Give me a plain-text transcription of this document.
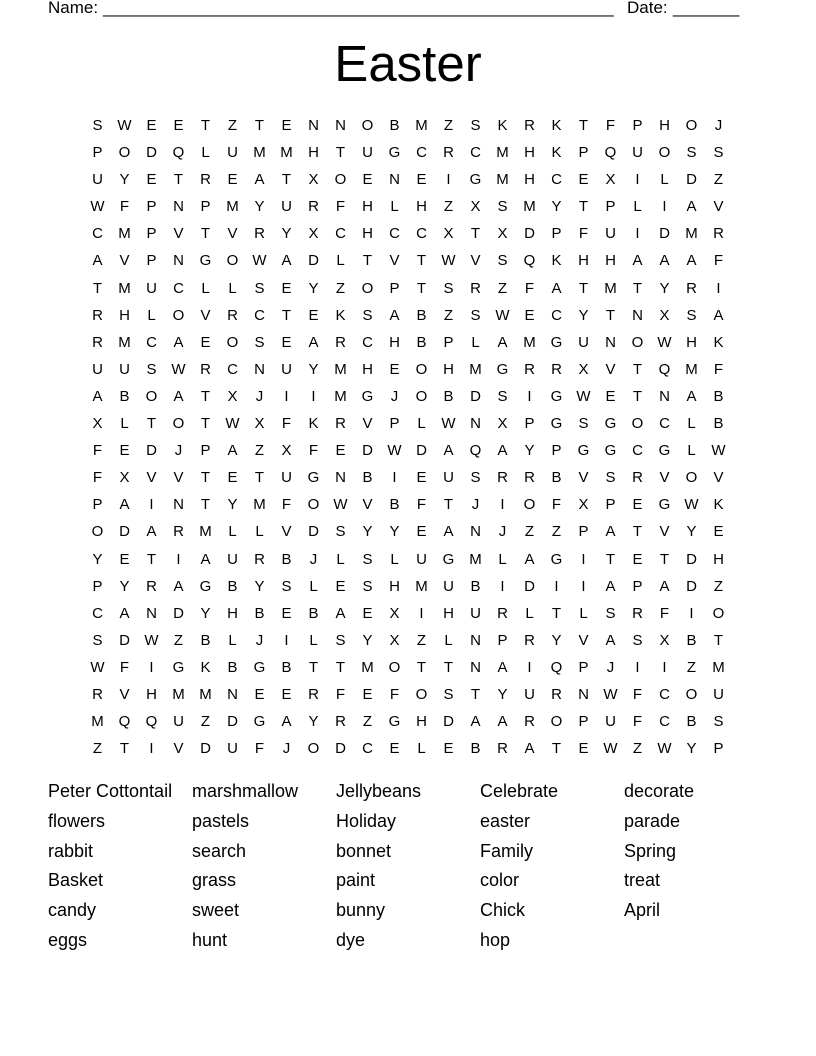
Name: ______________________________________________________ Date: _______
Easter
S W E	E	T	Z	T	E	N	N	O	B	M	Z	S	K	R	K	T	F	P	H	O	J
P	O	D	Q	L	U	M M	H	T	U	G	C	R	C	M	H	K	P	Q	U	O	S	S
U	Y	E	T	R	E	A	T	X	O	E	N	E	I	G M	H	C	E	X	I	L	D	Z
W	F	P	N	P	M	Y	U	R	F	H	L	H	Z	X	S	M	Y	T	P	L	I	A	V
C	M	P	V	T	V	R	Y	X	C	H	C	C	X	T	X	D	P	F	U	I	D	M	R
A	V	P	N	G	O W A	D	L	T	V	T	W V	S	Q	K	H	H	A	A	A	F
T	M	U	C	L	L	S	E	Y	Z	O	P	T	S	R	Z	F	A	T	M	T	Y	R	I
R	H	L	O	V	R	C	T	E	K	S	A	B	Z	S W E	C	Y	T	N	X	S	A
R	M	C	A	E	O	S	E	A	R	C	H	B	P	L	A	M G	U	N	O W H	K
U	U	S W R	C	N	U	Y	M	H	E	O	H	M G	R	R	X	V	T	Q M	F
A	B	O	A	T	X	J	I	I	M G	J	O	B	D	S	I	G W E	T	N	A	B
X	L	T	O	T	W X	F	K	R	V	P	L	W N	X	P	G	S	G	O	C	L	B
F	E	D	J	P	A	Z	X	F	E	D W D	A	Q	A	Y	P	G	G	C	G	L	W
F	X	V	V	T	E	T	U	G	N	B	I	E	U	S	R	R	B	V	S	R	V	O	V
P	A	I	N	T	Y	M	F	O W V	B	F	T	J	I	O	F	X	P	E	G W K
O	D	A	R	M	L	L	V	D	S	Y	Y	E	A	N	J	Z	Z	P	A	T	V	Y	E
Y	E	T	I	A	U	R	B	J	L	S	L	U	G M	L	A	G	I	T	E	T	D	H
P	Y	R	A	G	B	Y	S	L	E	S	H	M	U	B	I	D	I	I	A	P	A	D	Z
C	A	N	D	Y	H	B	E	B	A	E	X	I	H	U	R	L	T	L	S	R	F	I	O
S	D W	Z	B	L	J	I	L	S	Y	X	Z	L	N	P	R	Y	V	A	S	X	B	T
W	F	I	G	K	B	G	B	T	T	M O	T	T	N	A	I	Q	P	J	I	I	Z	M
R	V	H	M M	N	E	E	R	F	E	F	O	S	T	Y	U	R	N W	F	C	O	U
M Q	Q	U	Z	D	G	A	Y	R	Z	G	H	D	A	A	R	O	P	U	F	C	B	S
Z	T	I	V	D	U	F	J	O	D	C	E	L	E	B	R	A	T	E W	Z	W Y	P
Peter Cottontail	marshmallow	Jellybeans	Celebrate	decorate
flowers	pastels	Holiday	easter	parade
rabbit	search	bonnet	Family	Spring
Basket	grass	paint	color	treat
candy	sweet	bunny	Chick	April
eggs	hunt	dye	hop
